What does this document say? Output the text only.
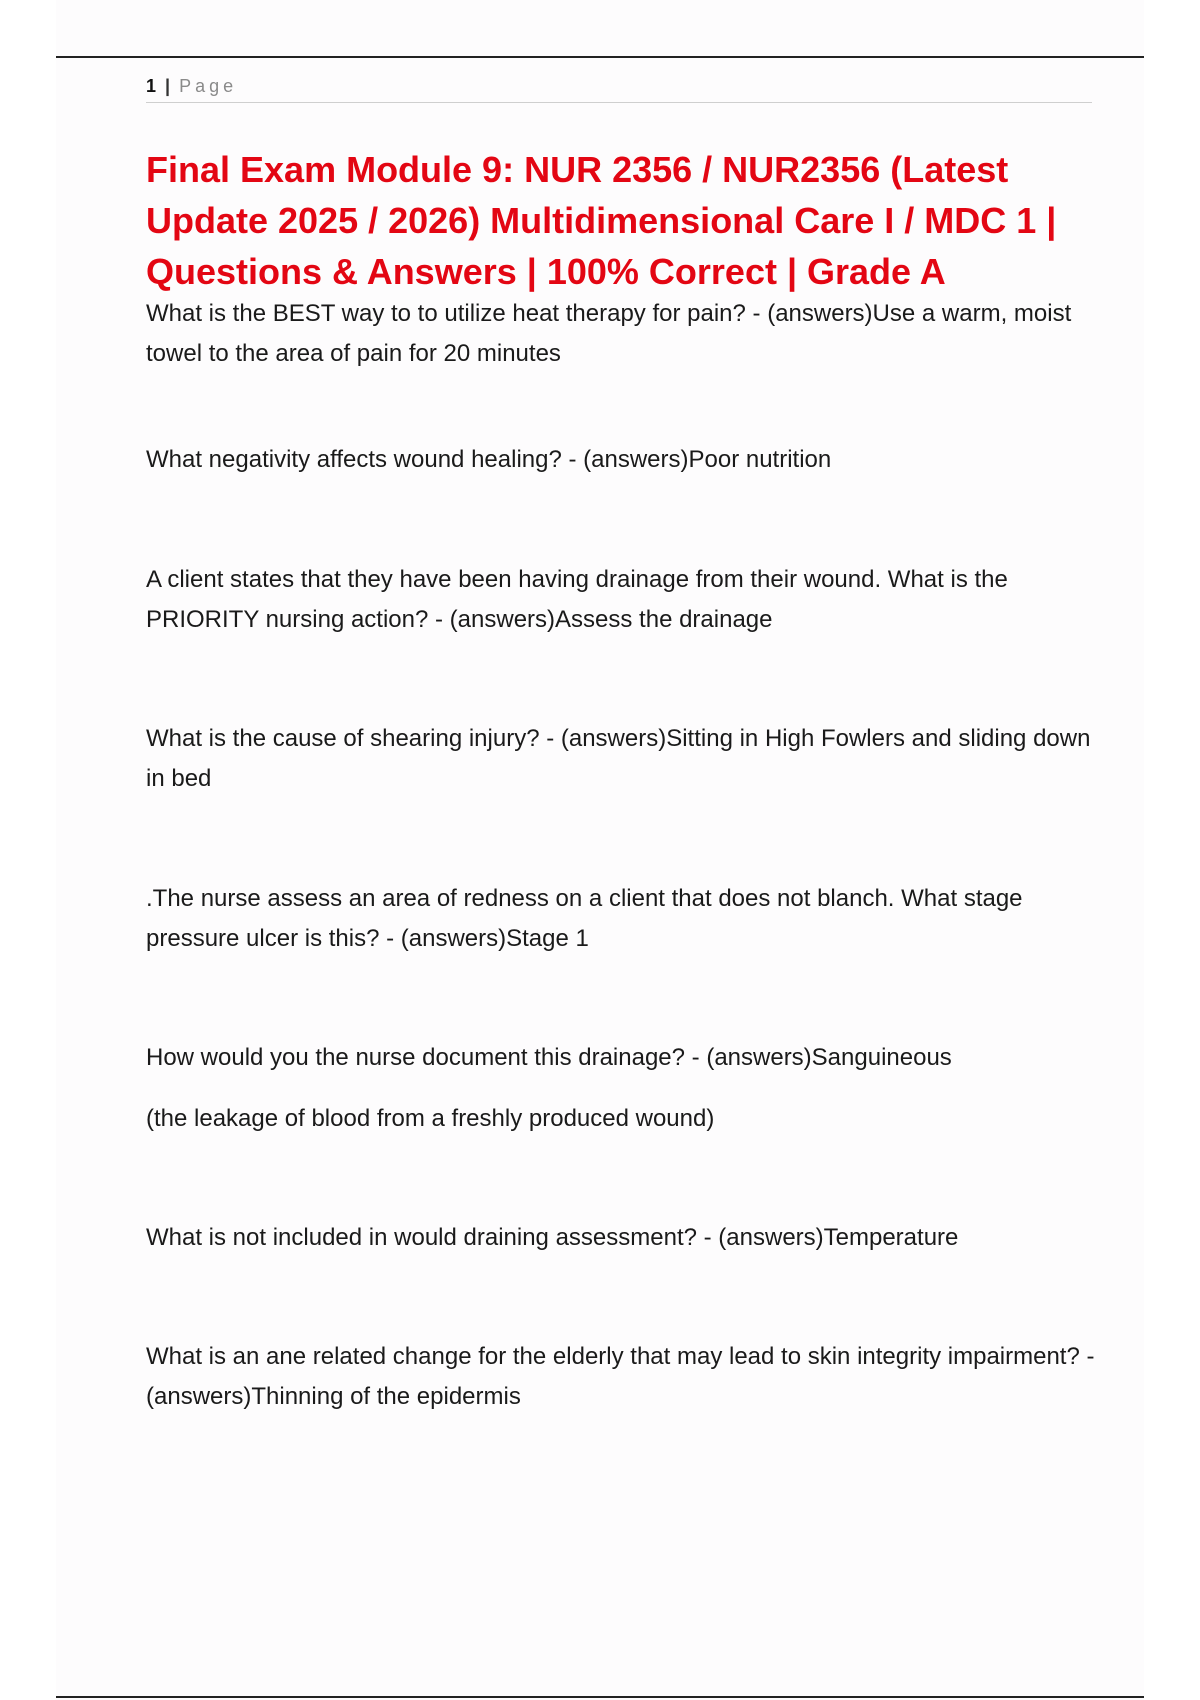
1 | Page
Final Exam Module 9: NUR 2356 / NUR2356 (Latest Update 2025 / 2026) Multidimensional Care I / MDC 1 | Questions & Answers | 100% Correct | Grade A

What is the BEST way to to utilize heat therapy for pain? - (answers)Use a warm, moist towel to the area of pain for 20 minutes

What negativity affects wound healing? - (answers)Poor nutrition

A client states that they have been having drainage from their wound. What is the PRIORITY nursing action? - (answers)Assess the drainage

What is the cause of shearing injury? - (answers)Sitting in High Fowlers and sliding down in bed

.The nurse assess an area of redness on a client that does not blanch. What stage pressure ulcer is this? - (answers)Stage 1

How would you the nurse document this drainage? - (answers)Sanguineous

(the leakage of blood from a freshly produced wound)

What is not included in would draining assessment? - (answers)Temperature

What is an ane related change for the elderly that may lead to skin integrity impairment? - (answers)Thinning of the epidermis
